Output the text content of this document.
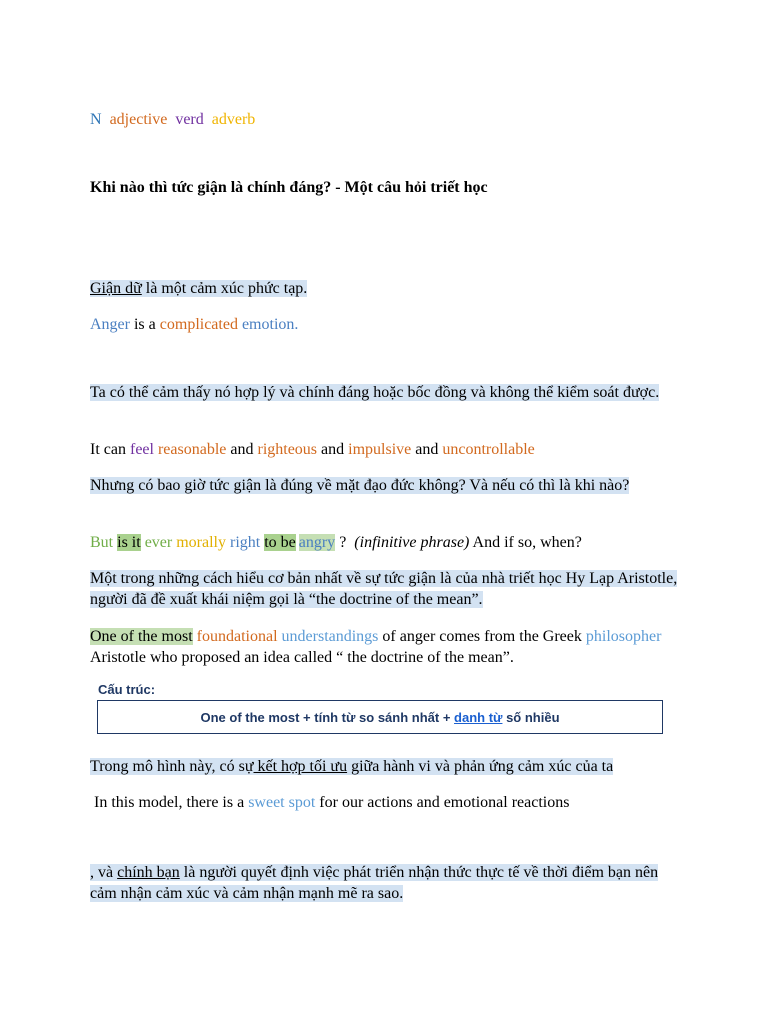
N adjective verd adverb
Khi nào thì tức giận là chính đáng? - Một câu hỏi triết học
Giận dữ là một cảm xúc phức tạp.
Anger is a complicated emotion.
Ta có thể cảm thấy nó hợp lý và chính đáng hoặc bốc đồng và không thể kiểm soát được.
It can feel reasonable and righteous and impulsive and uncontrollable
Nhưng có bao giờ tức giận là đúng về mặt đạo đức không? Và nếu có thì là khi nào?
But is it ever morally right to be angry ? (infinitive phrase) And if so, when?
Một trong những cách hiểu cơ bản nhất về sự tức giận là của nhà triết học Hy Lạp Aristotle, người đã đề xuất khái niệm gọi là “the doctrine of the mean”.
One of the most foundational understandings of anger comes from the Greek philosopher Aristotle who proposed an idea called “ the doctrine of the mean”.
Cấu trúc:
One of the most + tính từ so sánh nhất + danh từ số nhiều
Trong mô hình này, có sự kết hợp tối ưu giữa hành vi và phản ứng cảm xúc của ta
In this model, there is a sweet spot for our actions and emotional reactions
, và chính bạn là người quyết định việc phát triển nhận thức thực tế về thời điểm bạn nên cảm nhận cảm xúc và cảm nhận mạnh mẽ ra sao.
